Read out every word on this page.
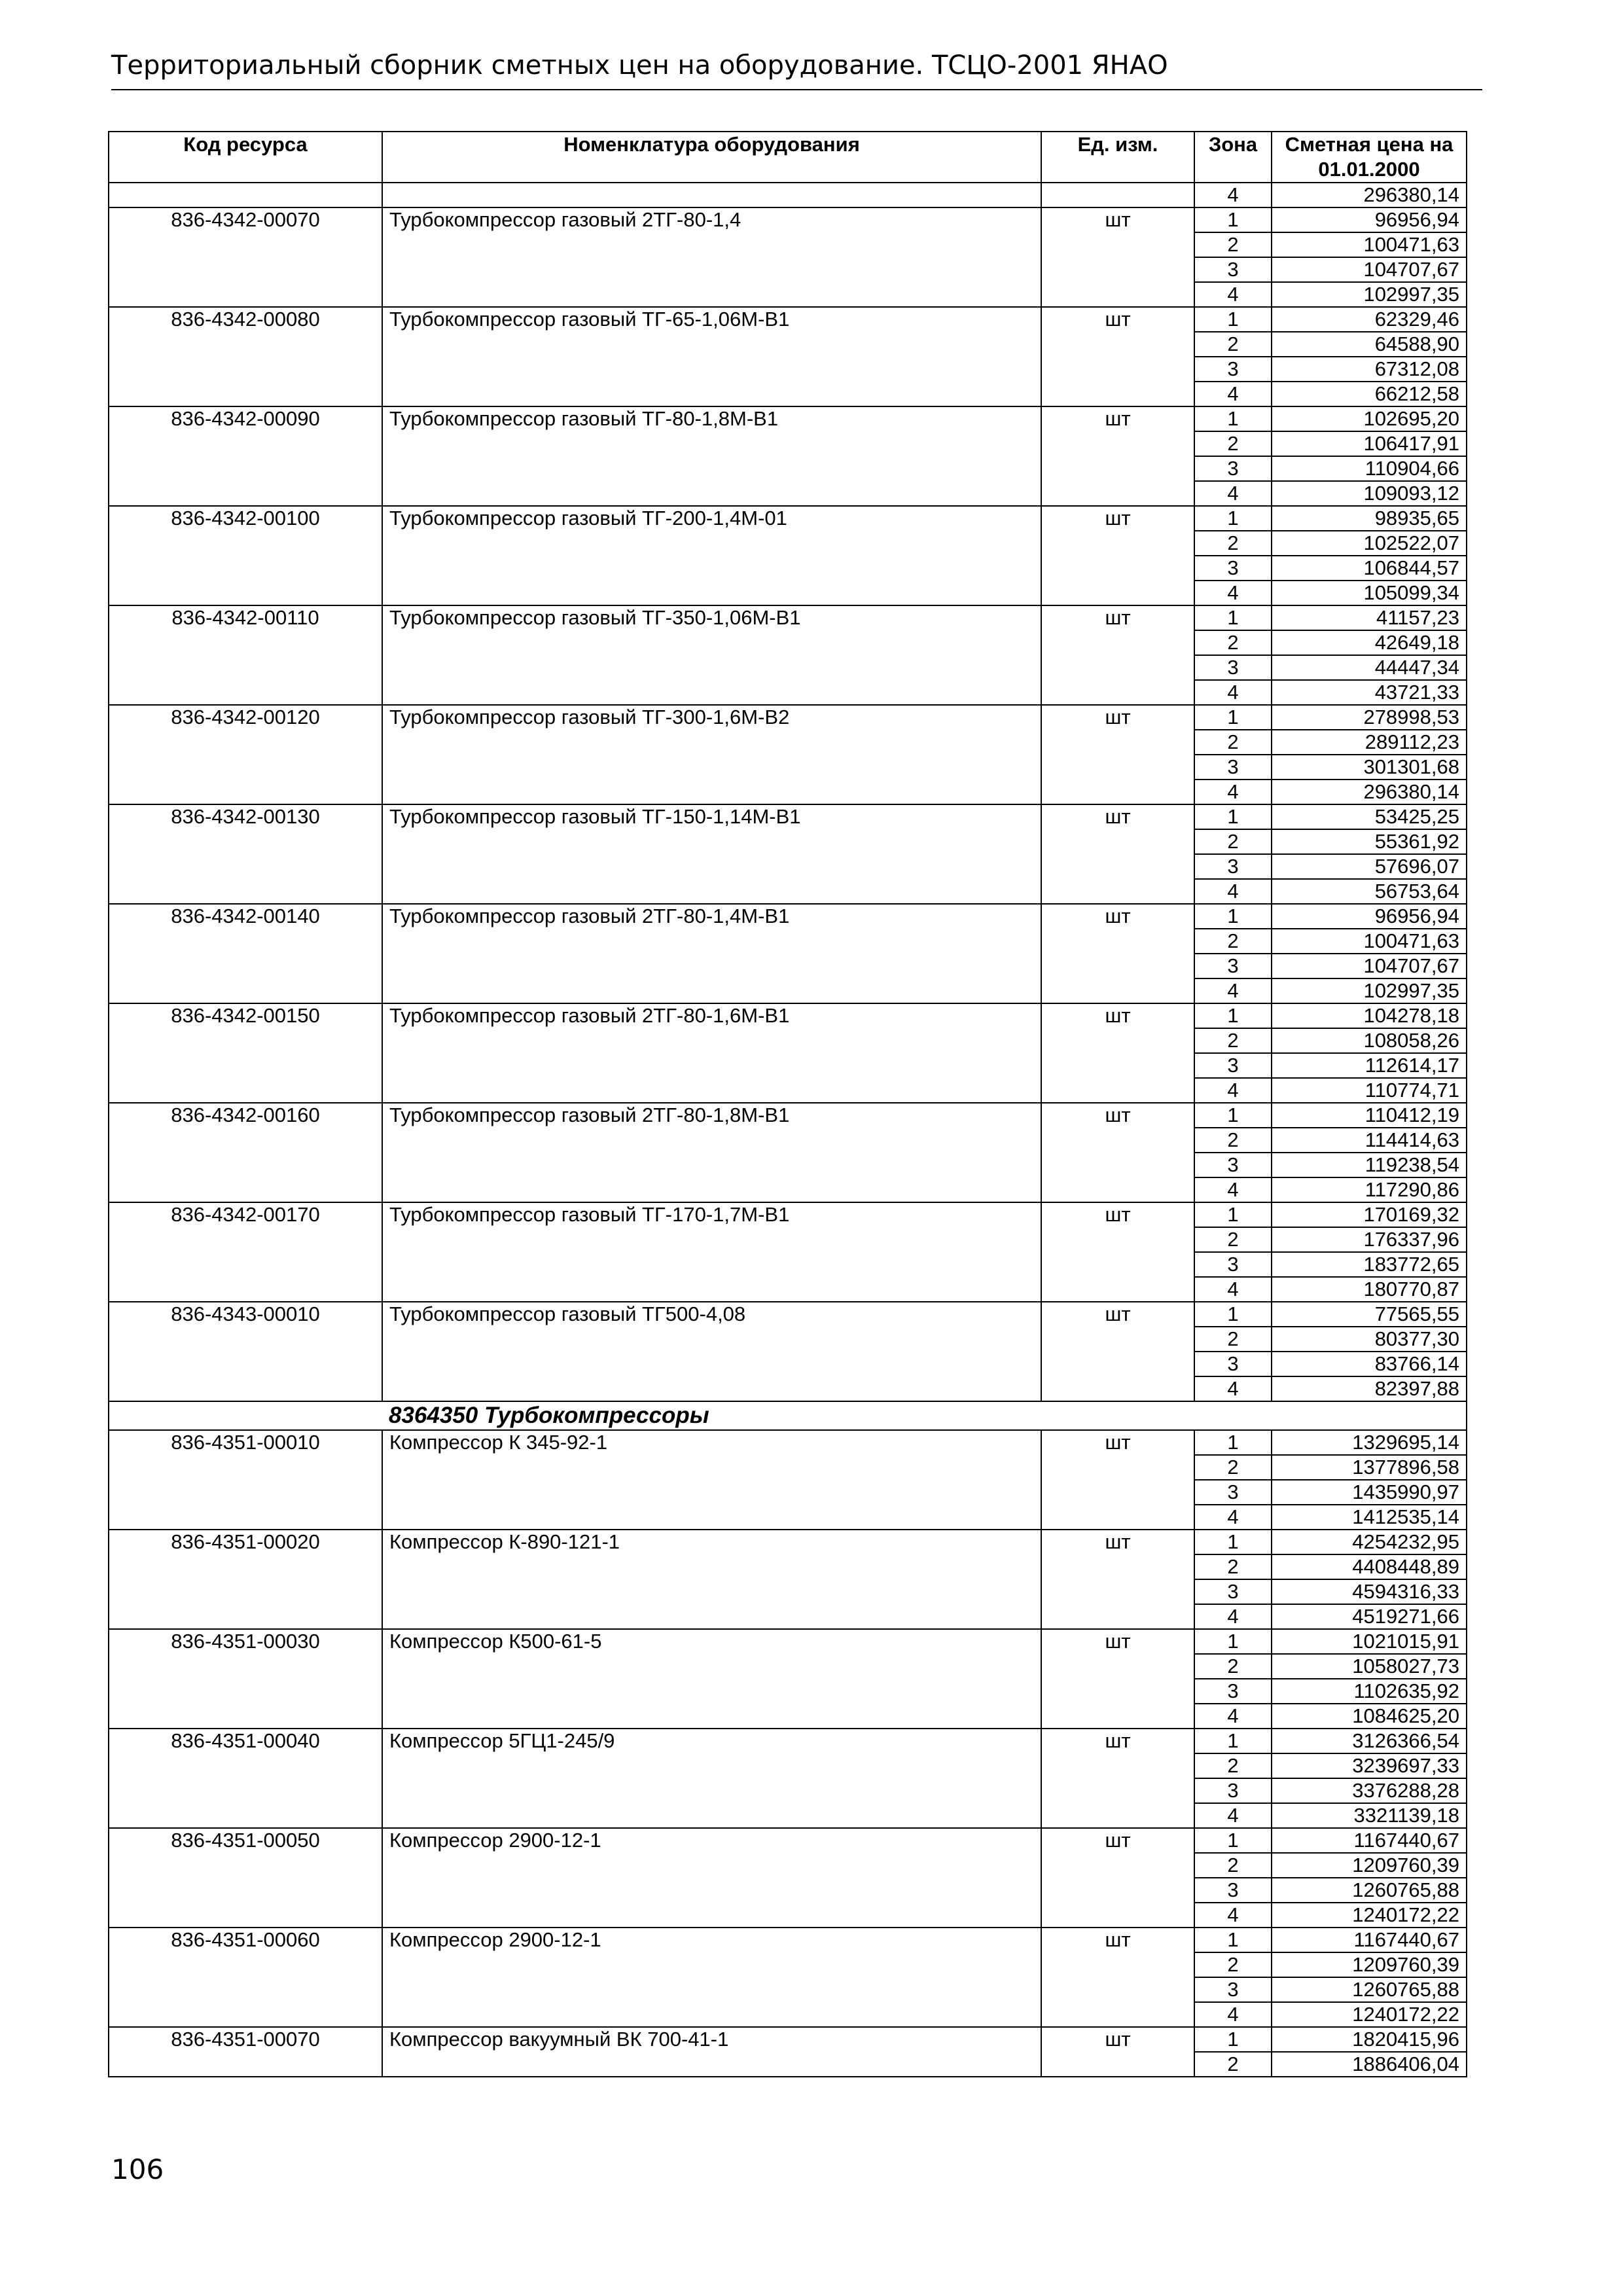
Территориальный сборник сметных цен на оборудование. ТСЦО-2001 ЯНАО
Код ресурса	Номенклатура оборудования	Ед. изм.	Зона	Сметная цена на 01.01.2000
			4	296380,14
836-4342-00070	Турбокомпрессор газовый 2ТГ-80-1,4	шт	1	96956,94
			2	100471,63
			3	104707,67
			4	102997,35
836-4342-00080	Турбокомпрессор газовый ТГ-65-1,06М-В1	шт	1	62329,46
			2	64588,90
			3	67312,08
			4	66212,58
836-4342-00090	Турбокомпрессор газовый ТГ-80-1,8М-В1	шт	1	102695,20
			2	106417,91
			3	110904,66
			4	109093,12
836-4342-00100	Турбокомпрессор газовый ТГ-200-1,4М-01	шт	1	98935,65
			2	102522,07
			3	106844,57
			4	105099,34
836-4342-00110	Турбокомпрессор газовый ТГ-350-1,06М-В1	шт	1	41157,23
			2	42649,18
			3	44447,34
			4	43721,33
836-4342-00120	Турбокомпрессор газовый ТГ-300-1,6М-В2	шт	1	278998,53
			2	289112,23
			3	301301,68
			4	296380,14
836-4342-00130	Турбокомпрессор газовый ТГ-150-1,14М-В1	шт	1	53425,25
			2	55361,92
			3	57696,07
			4	56753,64
836-4342-00140	Турбокомпрессор газовый 2ТГ-80-1,4М-В1	шт	1	96956,94
			2	100471,63
			3	104707,67
			4	102997,35
836-4342-00150	Турбокомпрессор газовый 2ТГ-80-1,6М-В1	шт	1	104278,18
			2	108058,26
			3	112614,17
			4	110774,71
836-4342-00160	Турбокомпрессор газовый 2ТГ-80-1,8М-В1	шт	1	110412,19
			2	114414,63
			3	119238,54
			4	117290,86
836-4342-00170	Турбокомпрессор газовый ТГ-170-1,7М-В1	шт	1	170169,32
			2	176337,96
			3	183772,65
			4	180770,87
836-4343-00010	Турбокомпрессор газовый ТГ500-4,08	шт	1	77565,55
			2	80377,30
			3	83766,14
			4	82397,88
	8364350 Турбокомпрессоры			
836-4351-00010	Компрессор К 345-92-1	шт	1	1329695,14
			2	1377896,58
			3	1435990,97
			4	1412535,14
836-4351-00020	Компрессор К-890-121-1	шт	1	4254232,95
			2	4408448,89
			3	4594316,33
			4	4519271,66
836-4351-00030	Компрессор К500-61-5	шт	1	1021015,91
			2	1058027,73
			3	1102635,92
			4	1084625,20
836-4351-00040	Компрессор 5ГЦ1-245/9	шт	1	3126366,54
			2	3239697,33
			3	3376288,28
			4	3321139,18
836-4351-00050	Компрессор 2900-12-1	шт	1	1167440,67
			2	1209760,39
			3	1260765,88
			4	1240172,22
836-4351-00060	Компрессор 2900-12-1	шт	1	1167440,67
			2	1209760,39
			3	1260765,88
			4	1240172,22
836-4351-00070	Компрессор вакуумный ВК 700-41-1	шт	1	1820415,96
			2	1886406,04
106
